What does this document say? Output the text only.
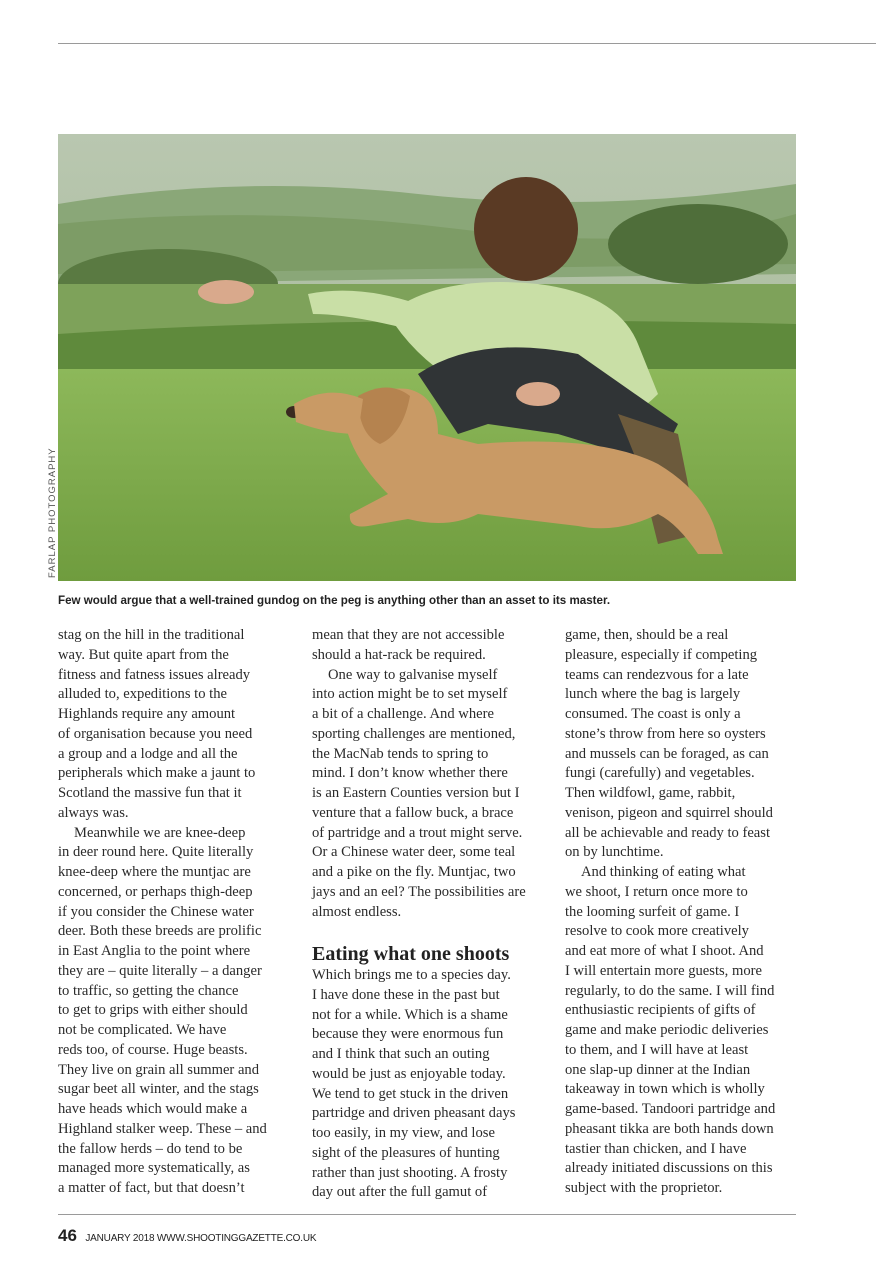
FARLAP PHOTOGRAPHY
Few would argue that a well-trained gundog on the peg is anything other than an asset to its master.
stag on the hill in the traditional
way. But quite apart from the
fitness and fatness issues already
alluded to, expeditions to the
Highlands require any amount
of organisation because you need
a group and a lodge and all the
peripherals which make a jaunt to
Scotland the massive fun that it
always was.
Meanwhile we are knee-deep
in deer round here. Quite literally
knee-deep where the muntjac are
concerned, or perhaps thigh-deep
if you consider the Chinese water
deer. Both these breeds are prolific
in East Anglia to the point where
they are – quite literally – a danger
to traffic, so getting the chance
to get to grips with either should
not be complicated. We have
reds too, of course. Huge beasts.
They live on grain all summer and
sugar beet all winter, and the stags
have heads which would make a
Highland stalker weep. These – and
the fallow herds – do tend to be
managed more systematically, as
a matter of fact, but that doesn’t
mean that they are not accessible
should a hat-rack be required.
One way to galvanise myself
into action might be to set myself
a bit of a challenge. And where
sporting challenges are mentioned,
the MacNab tends to spring to
mind. I don’t know whether there
is an Eastern Counties version but I
venture that a fallow buck, a brace
of partridge and a trout might serve.
Or a Chinese water deer, some teal
and a pike on the fly. Muntjac, two
jays and an eel? The possibilities are
almost endless.
Eating what one shoots
Which brings me to a species day.
I have done these in the past but
not for a while. Which is a shame
because they were enormous fun
and I think that such an outing
would be just as enjoyable today.
We tend to get stuck in the driven
partridge and driven pheasant days
too easily, in my view, and lose
sight of the pleasures of hunting
rather than just shooting. A frosty
day out after the full gamut of
game, then, should be a real
pleasure, especially if competing
teams can rendezvous for a late
lunch where the bag is largely
consumed. The coast is only a
stone’s throw from here so oysters
and mussels can be foraged, as can
fungi (carefully) and vegetables.
Then wildfowl, game, rabbit,
venison, pigeon and squirrel should
all be achievable and ready to feast
on by lunchtime.
And thinking of eating what
we shoot, I return once more to
the looming surfeit of game. I
resolve to cook more creatively
and eat more of what I shoot. And
I will entertain more guests, more
regularly, to do the same. I will find
enthusiastic recipients of gifts of
game and make periodic deliveries
to them, and I will have at least
one slap-up dinner at the Indian
takeaway in town which is wholly
game-based. Tandoori partridge and
pheasant tikka are both hands down
tastier than chicken, and I have
already initiated discussions on this
subject with the proprietor.
46 JANUARY 2018 WWW.SHOOTINGGAZETTE.CO.UK
